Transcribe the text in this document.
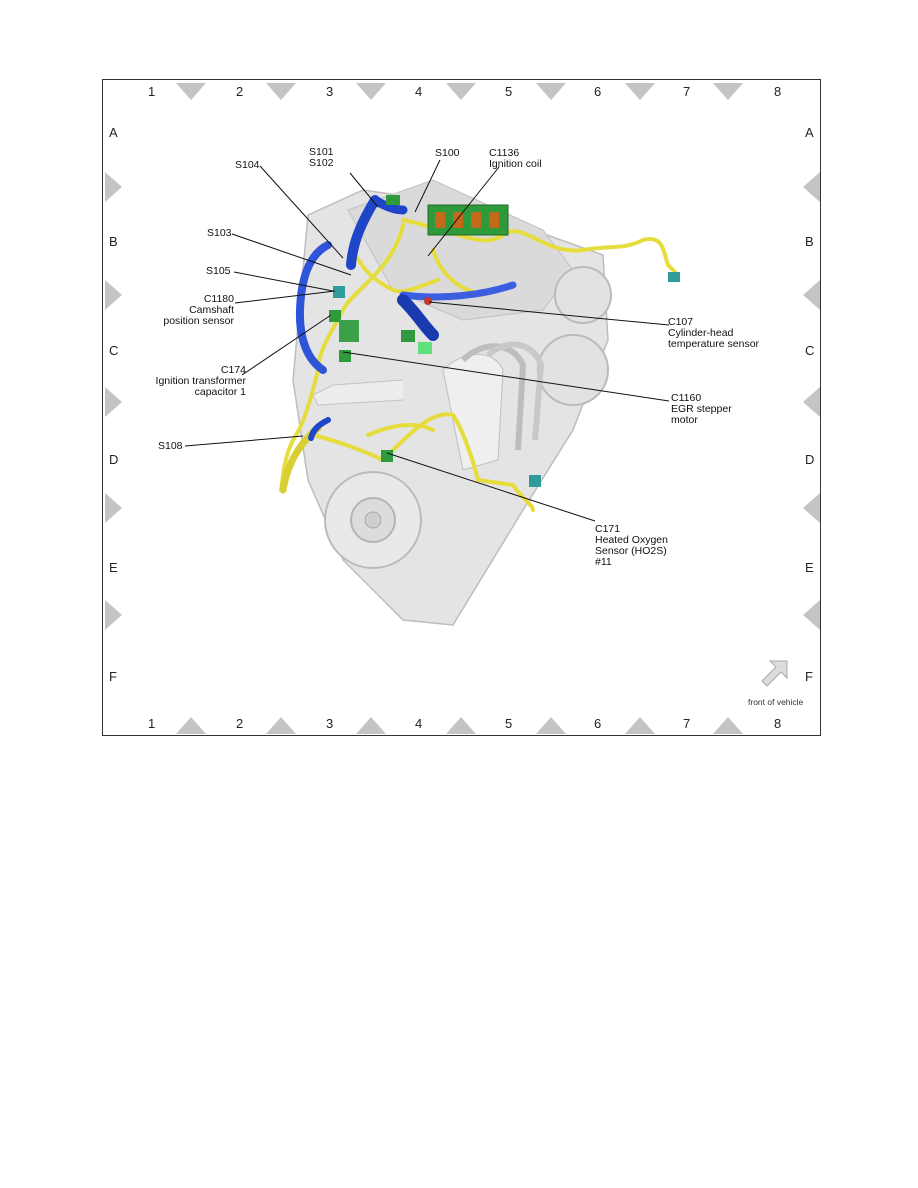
1	2	3	4	5	6	7	8
1	2	3	4	5	6	7	8
A
B
C
D
E
F
A
B
C
D
E
F
S104
S101
S102
S100	C1136
Ignition coil
S103
S105
C1180
Camshaft
position sensor
C174
Ignition transformer
capacitor 1
S108
C107
Cylinder-head
temperature sensor
C1160
EGR stepper
motor
C171
Heated Oxygen
Sensor (HO2S)
#11
front of vehicle
